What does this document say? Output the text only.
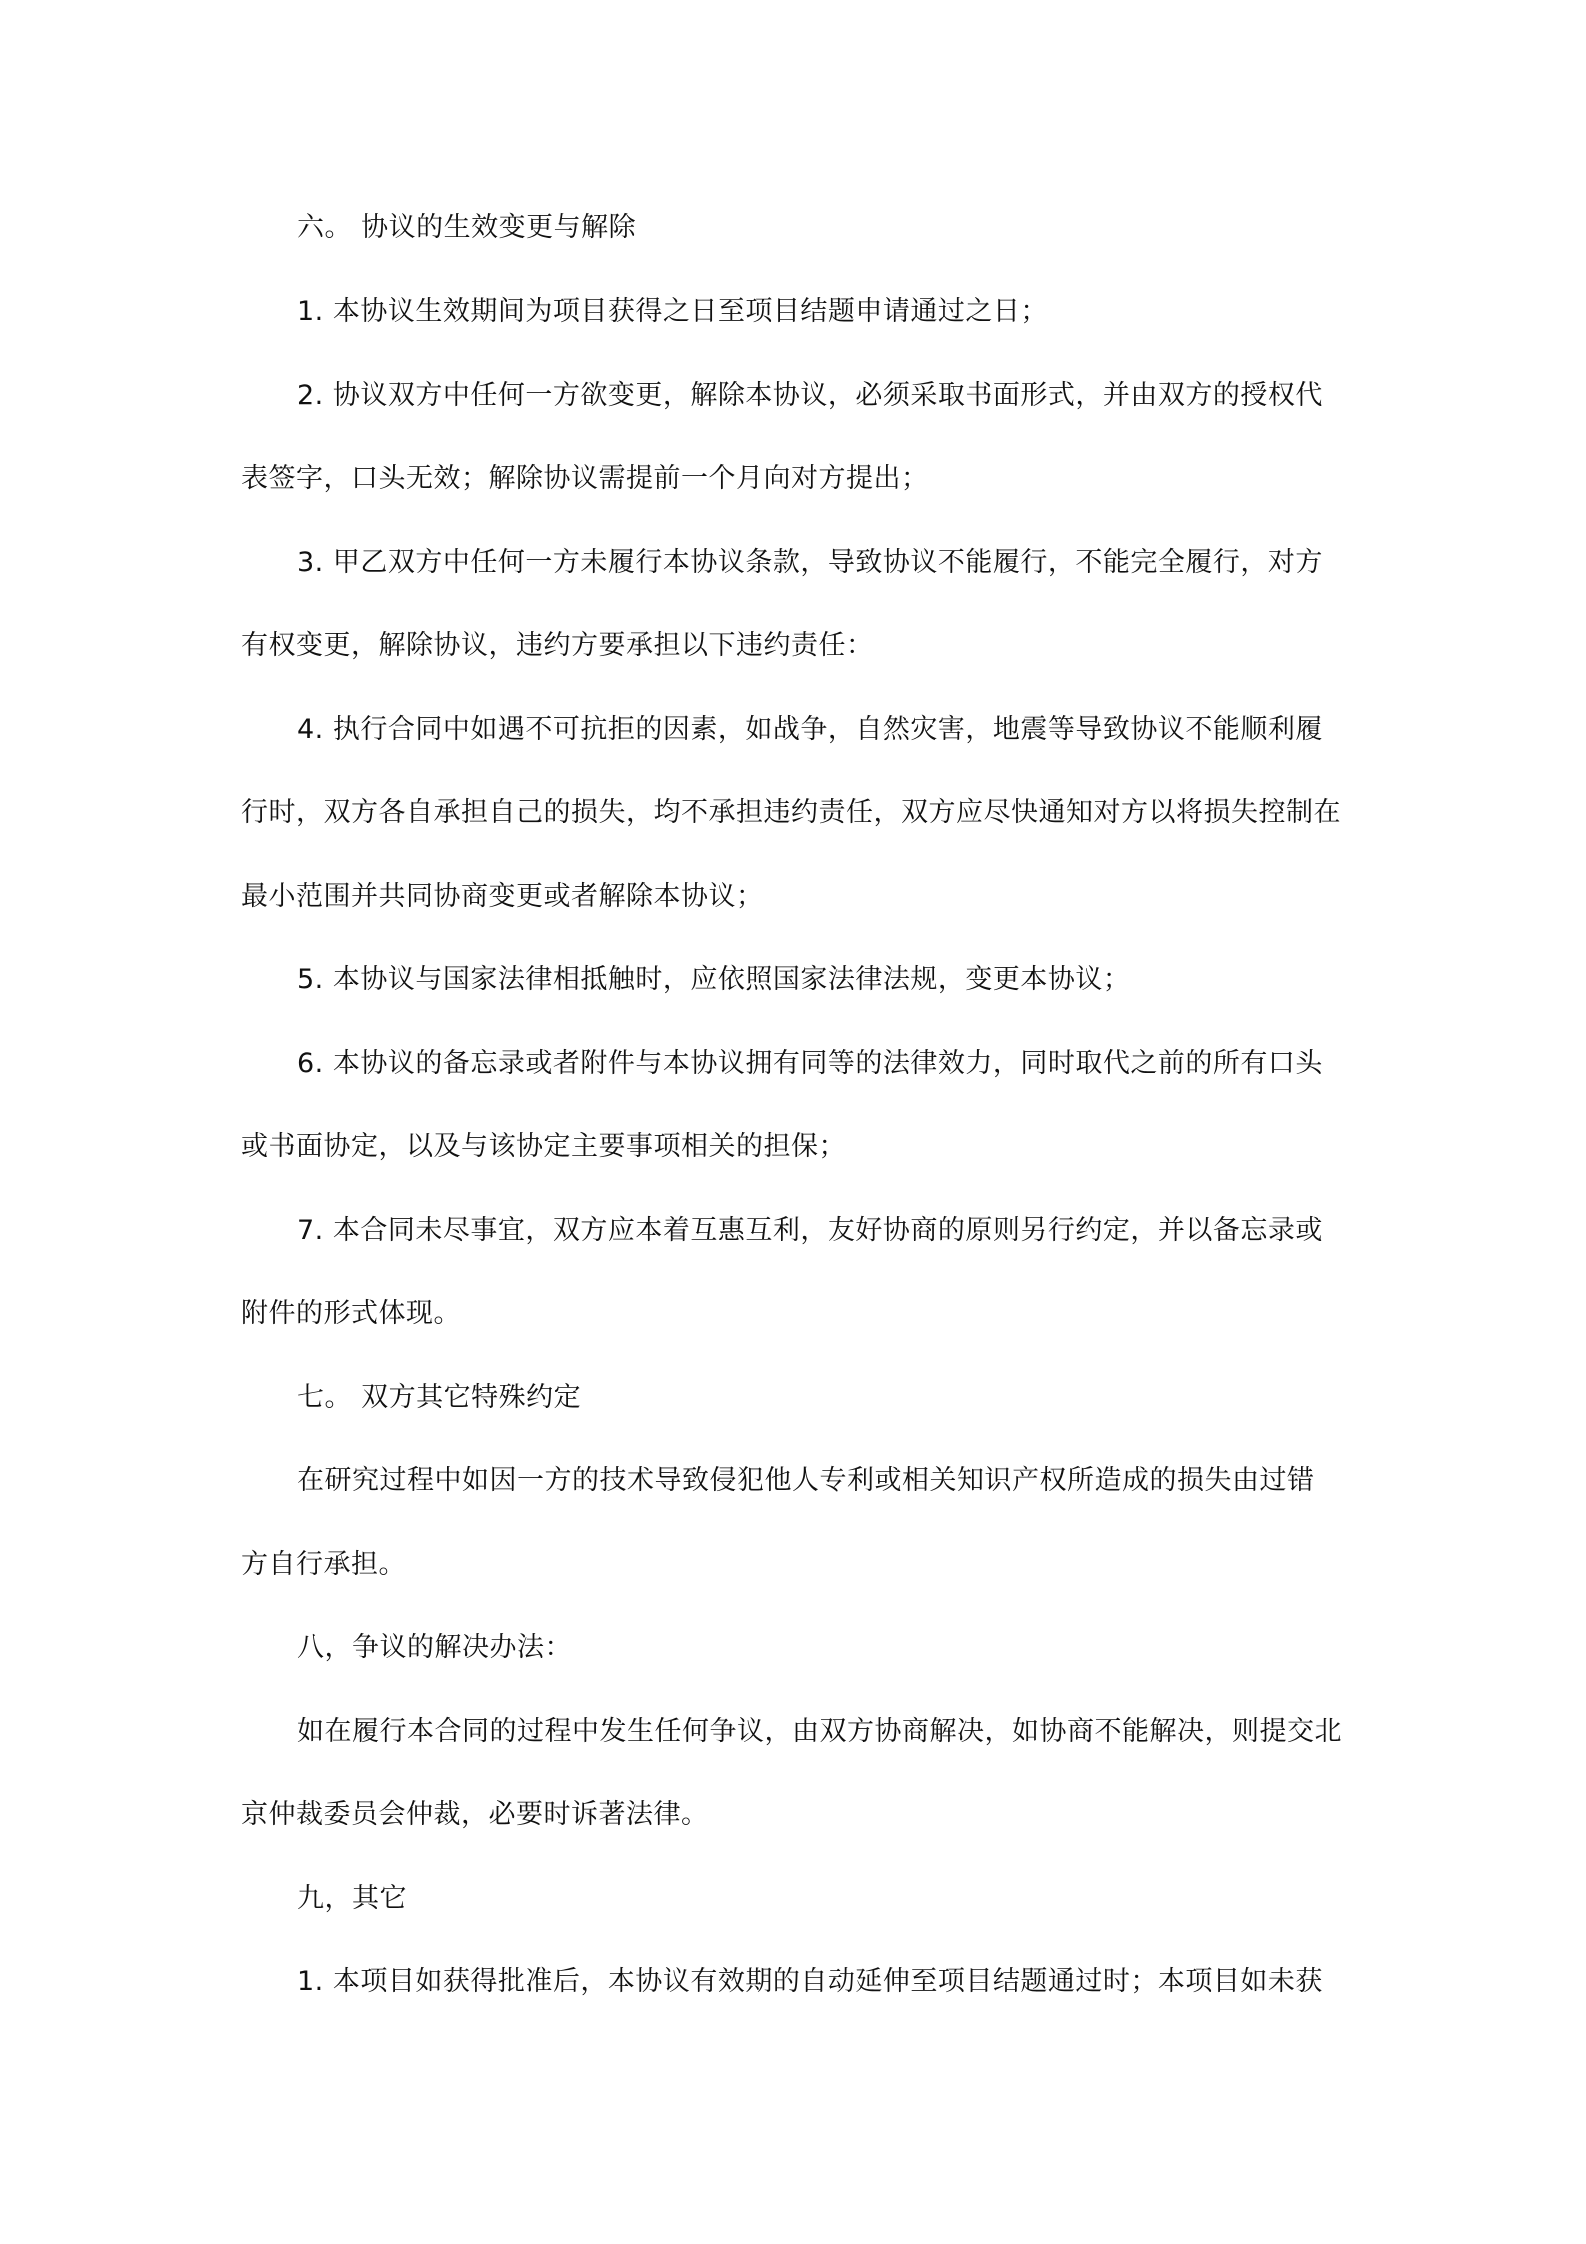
六。 协议的生效变更与解除
1. 本协议生效期间为项目获得之日至项目结题申请通过之日；
2. 协议双方中任何一方欲变更，解除本协议，必须采取书面形式，并由双方的授权代
表签字，口头无效；解除协议需提前一个月向对方提出；
3. 甲乙双方中任何一方未履行本协议条款，导致协议不能履行，不能完全履行，对方
有权变更，解除协议，违约方要承担以下违约责任：
4. 执行合同中如遇不可抗拒的因素，如战争，自然灾害，地震等导致协议不能顺利履
行时，双方各自承担自己的损失，均不承担违约责任，双方应尽快通知对方以将损失控制在
最小范围并共同协商变更或者解除本协议；
5. 本协议与国家法律相抵触时，应依照国家法律法规，变更本协议；
6. 本协议的备忘录或者附件与本协议拥有同等的法律效力，同时取代之前的所有口头
或书面协定，以及与该协定主要事项相关的担保；
7. 本合同未尽事宜，双方应本着互惠互利，友好协商的原则另行约定，并以备忘录或
附件的形式体现。
七。 双方其它特殊约定
在研究过程中如因一方的技术导致侵犯他人专利或相关知识产权所造成的损失由过错
方自行承担。
八，争议的解决办法：
如在履行本合同的过程中发生任何争议，由双方协商解决，如协商不能解决，则提交北
京仲裁委员会仲裁，必要时诉著法律。
九，其它
1. 本项目如获得批准后，本协议有效期的自动延伸至项目结题通过时；本项目如未获
